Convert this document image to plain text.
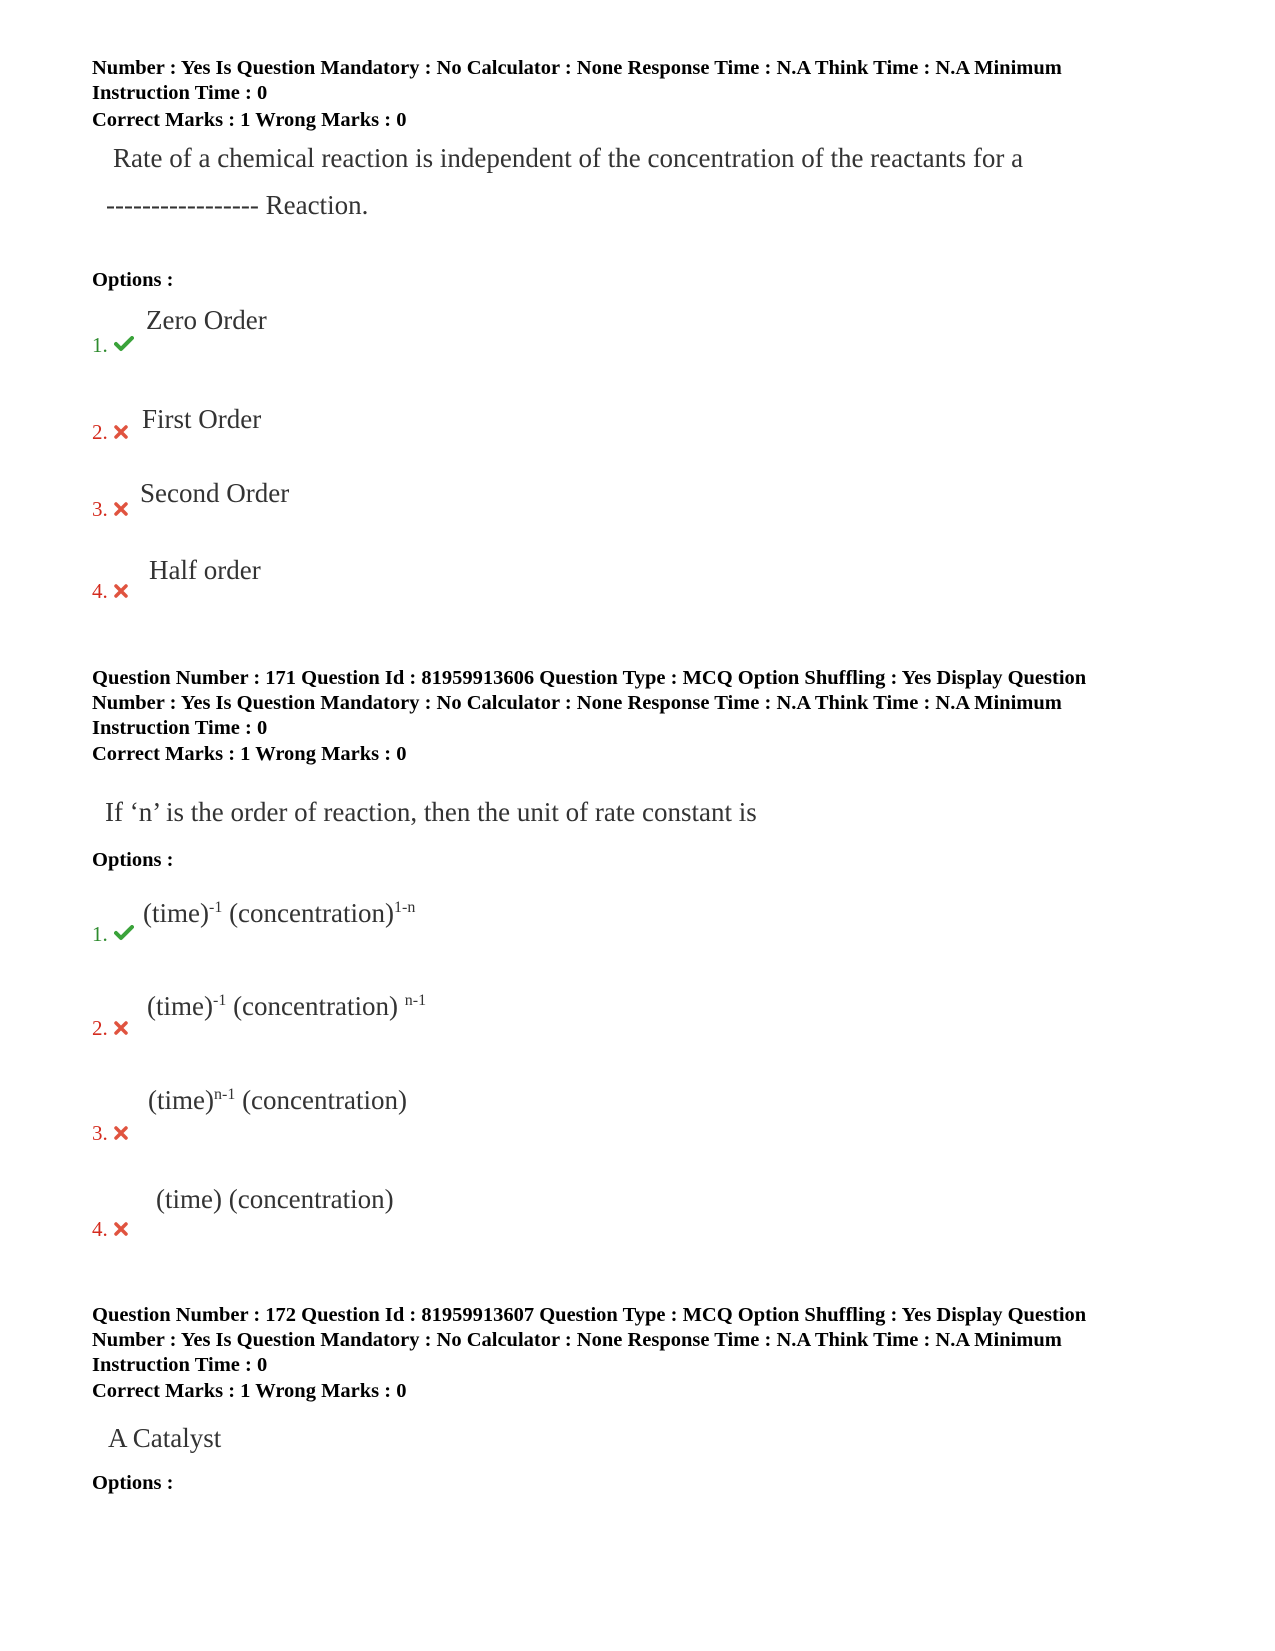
Number : Yes Is Question Mandatory : No Calculator : None Response Time : N.A Think Time : N.A Minimum
Instruction Time : 0
Correct Marks : 1 Wrong Marks : 0
Rate of a chemical reaction is independent of the concentration of the reactants for a
----------------- Reaction.
Options :
1.
Zero Order
2. First Order
3.
Second Order
4.
Half order
Question Number : 171 Question Id : 81959913606 Question Type : MCQ Option Shuffling : Yes Display Question
Number : Yes Is Question Mandatory : No Calculator : None Response Time : N.A Think Time : N.A Minimum
Instruction Time : 0
Correct Marks : 1 Wrong Marks : 0
If ‘n’ is the order of reaction, then the unit of rate constant is
Options :
1.
(time)$^{-1}$ (concentration)$^{1-n}$
2.
(time)$^{-1}$ (concentration) $^{n-1}$
3.
(time)$^{n-1}$ (concentration)
4.
(time) (concentration)
Question Number : 172 Question Id : 81959913607 Question Type : MCQ Option Shuffling : Yes Display Question
Number : Yes Is Question Mandatory : No Calculator : None Response Time : N.A Think Time : N.A Minimum
Instruction Time : 0
Correct Marks : 1 Wrong Marks : 0
A Catalyst
Options :
